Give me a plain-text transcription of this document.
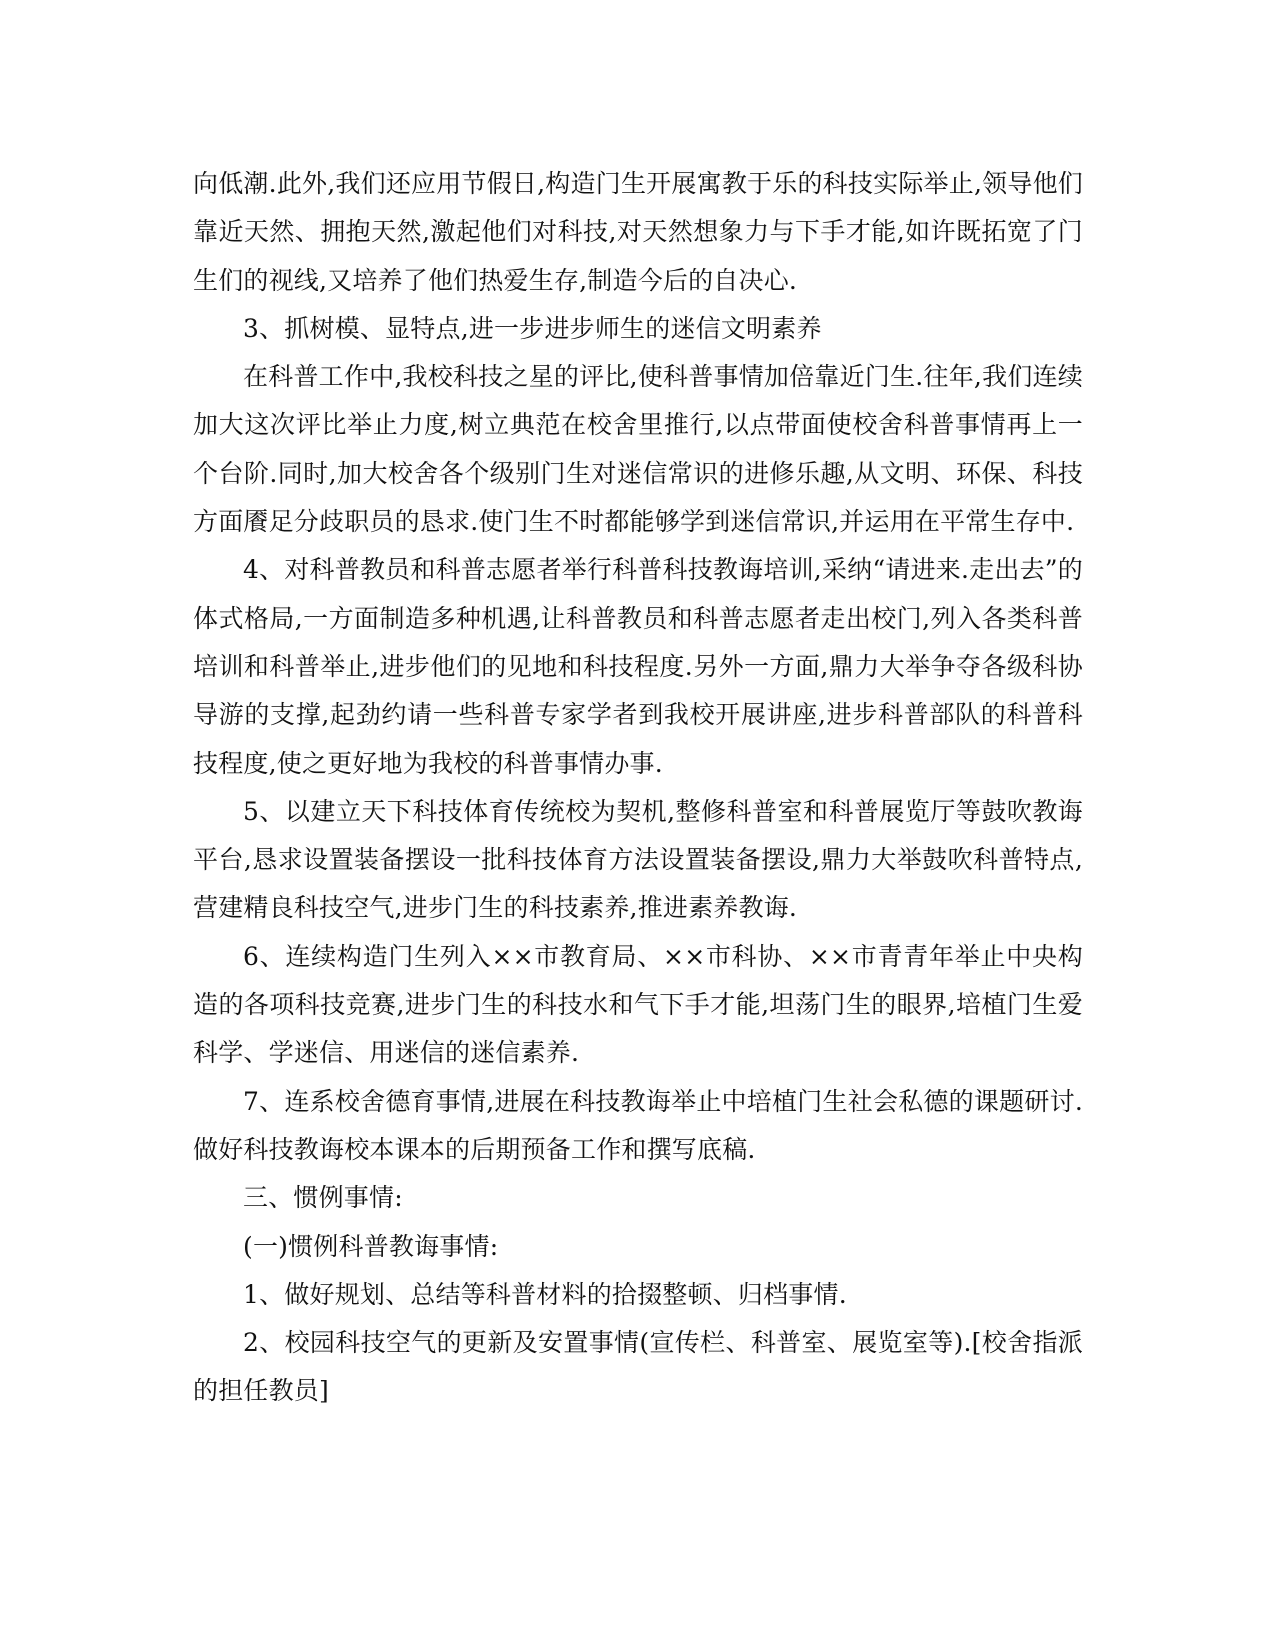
向低潮.此外,我们还应用节假日,构造门生开展寓教于乐的科技实际举止,领导他们靠近天然、拥抱天然,激起他们对科技,对天然想象力与下手才能,如许既拓宽了门生们的视线,又培养了他们热爱生存,制造今后的自决心.

3、抓树模、显特点,进一步进步师生的迷信文明素养

在科普工作中,我校科技之星的评比,使科普事情加倍靠近门生.往年,我们连续加大这次评比举止力度,树立典范在校舍里推行,以点带面使校舍科普事情再上一个台阶.同时,加大校舍各个级别门生对迷信常识的进修乐趣,从文明、环保、科技方面餍足分歧职员的恳求.使门生不时都能够学到迷信常识,并运用在平常生存中.

4、对科普教员和科普志愿者举行科普科技教诲培训,采纳“请进来.走出去”的体式格局,一方面制造多种机遇,让科普教员和科普志愿者走出校门,列入各类科普培训和科普举止,进步他们的见地和科技程度.另外一方面,鼎力大举争夺各级科协导游的支撑,起劲约请一些科普专家学者到我校开展讲座,进步科普部队的科普科技程度,使之更好地为我校的科普事情办事.

5、以建立天下科技体育传统校为契机,整修科普室和科普展览厅等鼓吹教诲平台,恳求设置装备摆设一批科技体育方法设置装备摆设,鼎力大举鼓吹科普特点,营建精良科技空气,进步门生的科技素养,推进素养教诲.

6、连续构造门生列入××市教育局、××市科协、××市青青年举止中央构造的各项科技竞赛,进步门生的科技水和气下手才能,坦荡门生的眼界,培植门生爱科学、学迷信、用迷信的迷信素养.

7、连系校舍德育事情,进展在科技教诲举止中培植门生社会私德的课题研讨.做好科技教诲校本课本的后期预备工作和撰写底稿.

三、惯例事情:

(一)惯例科普教诲事情:

1、做好规划、总结等科普材料的拾掇整顿、归档事情.

2、校园科技空气的更新及安置事情(宣传栏、科普室、展览室等).[校舍指派的担任教员]
